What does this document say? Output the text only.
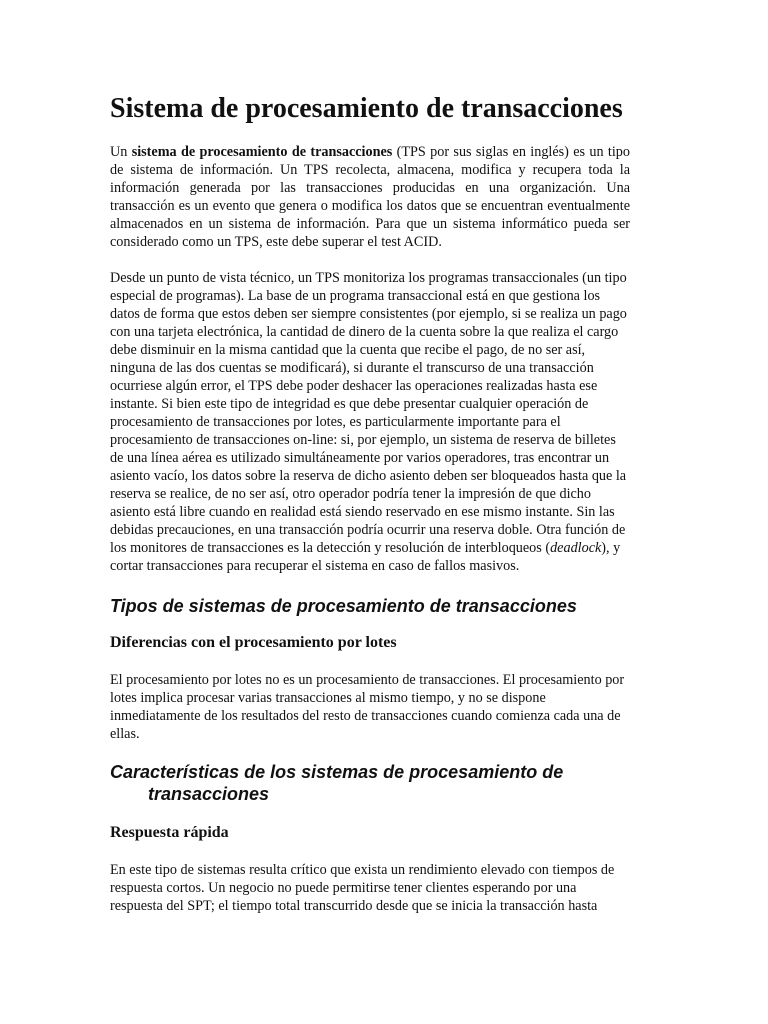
Sistema de procesamiento de transacciones

Un sistema de procesamiento de transacciones (TPS por sus siglas en inglés) es un tipo de sistema de información. Un TPS recolecta, almacena, modifica y recupera toda la información generada por las transacciones producidas en una organización. Una transacción es un evento que genera o modifica los datos que se encuentran eventualmente almacenados en un sistema de información. Para que un sistema informático pueda ser considerado como un TPS, este debe superar el test ACID.

Desde un punto de vista técnico, un TPS monitoriza los programas transaccionales (un tipo especial de programas). La base de un programa transaccional está en que gestiona los datos de forma que estos deben ser siempre consistentes (por ejemplo, si se realiza un pago con una tarjeta electrónica, la cantidad de dinero de la cuenta sobre la que realiza el cargo debe disminuir en la misma cantidad que la cuenta que recibe el pago, de no ser así, ninguna de las dos cuentas se modificará), si durante el transcurso de una transacción ocurriese algún error, el TPS debe poder deshacer las operaciones realizadas hasta ese instante. Si bien este tipo de integridad es que debe presentar cualquier operación de procesamiento de transacciones por lotes, es particularmente importante para el procesamiento de transacciones on-line: si, por ejemplo, un sistema de reserva de billetes de una línea aérea es utilizado simultáneamente por varios operadores, tras encontrar un asiento vacío, los datos sobre la reserva de dicho asiento deben ser bloqueados hasta que la reserva se realice, de no ser así, otro operador podría tener la impresión de que dicho asiento está libre cuando en realidad está siendo reservado en ese mismo instante. Sin las debidas precauciones, en una transacción podría ocurrir una reserva doble. Otra función de los monitores de transacciones es la detección y resolución de interbloqueos (deadlock), y cortar transacciones para recuperar el sistema en caso de fallos masivos.

Tipos de sistemas de procesamiento de transacciones
Diferencias con el procesamiento por lotes

El procesamiento por lotes no es un procesamiento de transacciones. El procesamiento por lotes implica procesar varias transacciones al mismo tiempo, y no se dispone inmediatamente de los resultados del resto de transacciones cuando comienza cada una de ellas.

Características de los sistemas de procesamiento de transacciones
Respuesta rápida

En este tipo de sistemas resulta crítico que exista un rendimiento elevado con tiempos de respuesta cortos. Un negocio no puede permitirse tener clientes esperando por una respuesta del SPT; el tiempo total transcurrido desde que se inicia la transacción hasta
